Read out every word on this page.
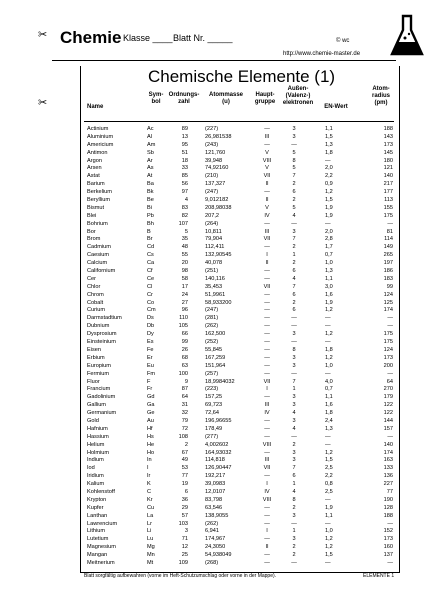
Chemie Klasse ____ Blatt Nr. _____	© wc
http://www.chemie-master.de
✂
✂
Chemische Elemente (1)
Name
Sym-
bol
Ordnungs-
zahl
Atommasse
(u)
Haupt-
gruppe
Außen-
(Valenz-)
elektronen
EN-Wert
Atom-
radius
(pm)
Actinium	Ac	89	(227)	—	3	1,1	188
Aluminium	Al	13	26,981538	III	3	1,5	143
Americium	Am	95	(243)	—	—	1,3	173
Antimon	Sb	51	121,760	V	5	1,8	145
Argon	Ar	18	39,948	VIII	8	—	180
Arsen	As	33	74,92160	V	5	2,0	121
Astat	At	85	(210)	VII	7	2,2	140
Barium	Ba	56	137,327	II	2	0,9	217
Berkelium	Bk	97	(247)	—	6	1,2	177
Beryllium	Be	4	9,012182	II	2	1,5	113
Bismut	Bi	83	208,98038	V	5	1,9	155
Blei	Pb	82	207,2	IV	4	1,9	175
Bohrium	Bh	107	(264)	—	—	—	—
Bor	B	5	10,811	III	3	2,0	81
Brom	Br	35	79,904	VII	7	2,8	114
Cadmium	Cd	48	112,411	—	2	1,7	149
Caesium	Cs	55	132,90545	I	1	0,7	265
Calcium	Ca	20	40,078	II	2	1,0	197
Californium	Cf	98	(251)	—	6	1,3	186
Cer	Ce	58	140,116	—	4	1,1	183
Chlor	Cl	17	35,453	VII	7	3,0	99
Chrom	Cr	24	51,9961	—	6	1,6	124
Cobalt	Co	27	58,933200	—	2	1,9	125
Curium	Cm	96	(247)	—	6	1,2	174
Darmstadtium	Ds	110	(281)	—	—	—	—
Dubnium	Db	105	(262)	—	—	—	—
Dysprosium	Dy	66	162,500	—	3	1,2	175
Einsteinium	Es	99	(252)	—	—	—	175
Eisen	Fe	26	55,845	—	8	1,8	124
Erbium	Er	68	167,259	—	3	1,2	173
Europium	Eu	63	151,964	—	3	1,0	200
Fermium	Fm	100	(257)	—	—	—	—
Fluor	F	9	18,9984032	VII	7	4,0	64
Francium	Fr	87	(223)	I	1	0,7	270
Gadolinium	Gd	64	157,25	—	3	1,1	179
Gallium	Ga	31	69,723	III	3	1,6	122
Germanium	Ge	32	72,64	IV	4	1,8	122
Gold	Au	79	196,96655	—	3	2,4	144
Hafnium	Hf	72	178,49	—	4	1,3	157
Hassium	Hs	108	(277)	—	—	—	—
Helium	He	2	4,002602	VIII	2	—	140
Holmium	Ho	67	164,93032	—	3	1,2	174
Indium	In	49	114,818	III	3	1,5	163
Iod	I	53	126,90447	VII	7	2,5	133
Iridium	Ir	77	192,217	—	6	2,2	136
Kalium	K	19	39,0983	I	1	0,8	227
Kohlenstoff	C	6	12,0107	IV	4	2,5	77
Krypton	Kr	36	83,798	VIII	8	—	190
Kupfer	Cu	29	63,546	—	2	1,9	128
Lanthan	La	57	138,9055	—	3	1,1	188
Lawrencium	Lr	103	(262)	—	—	—	—
Lithium	Li	3	6,941	I	1	1,0	152
Lutetium	Lu	71	174,967	—	3	1,2	173
Magnesium	Mg	12	24,3050	II	2	1,2	160
Mangan	Mn	25	54,938049	—	2	1,5	137
Meitnerium	Mt	109	(268)	—	—	—	—
Blatt sorgfältig aufbewahren (vorne im Heft-Schutzumschlag oder vorne in der Mappe).	ELEMENTE 1
